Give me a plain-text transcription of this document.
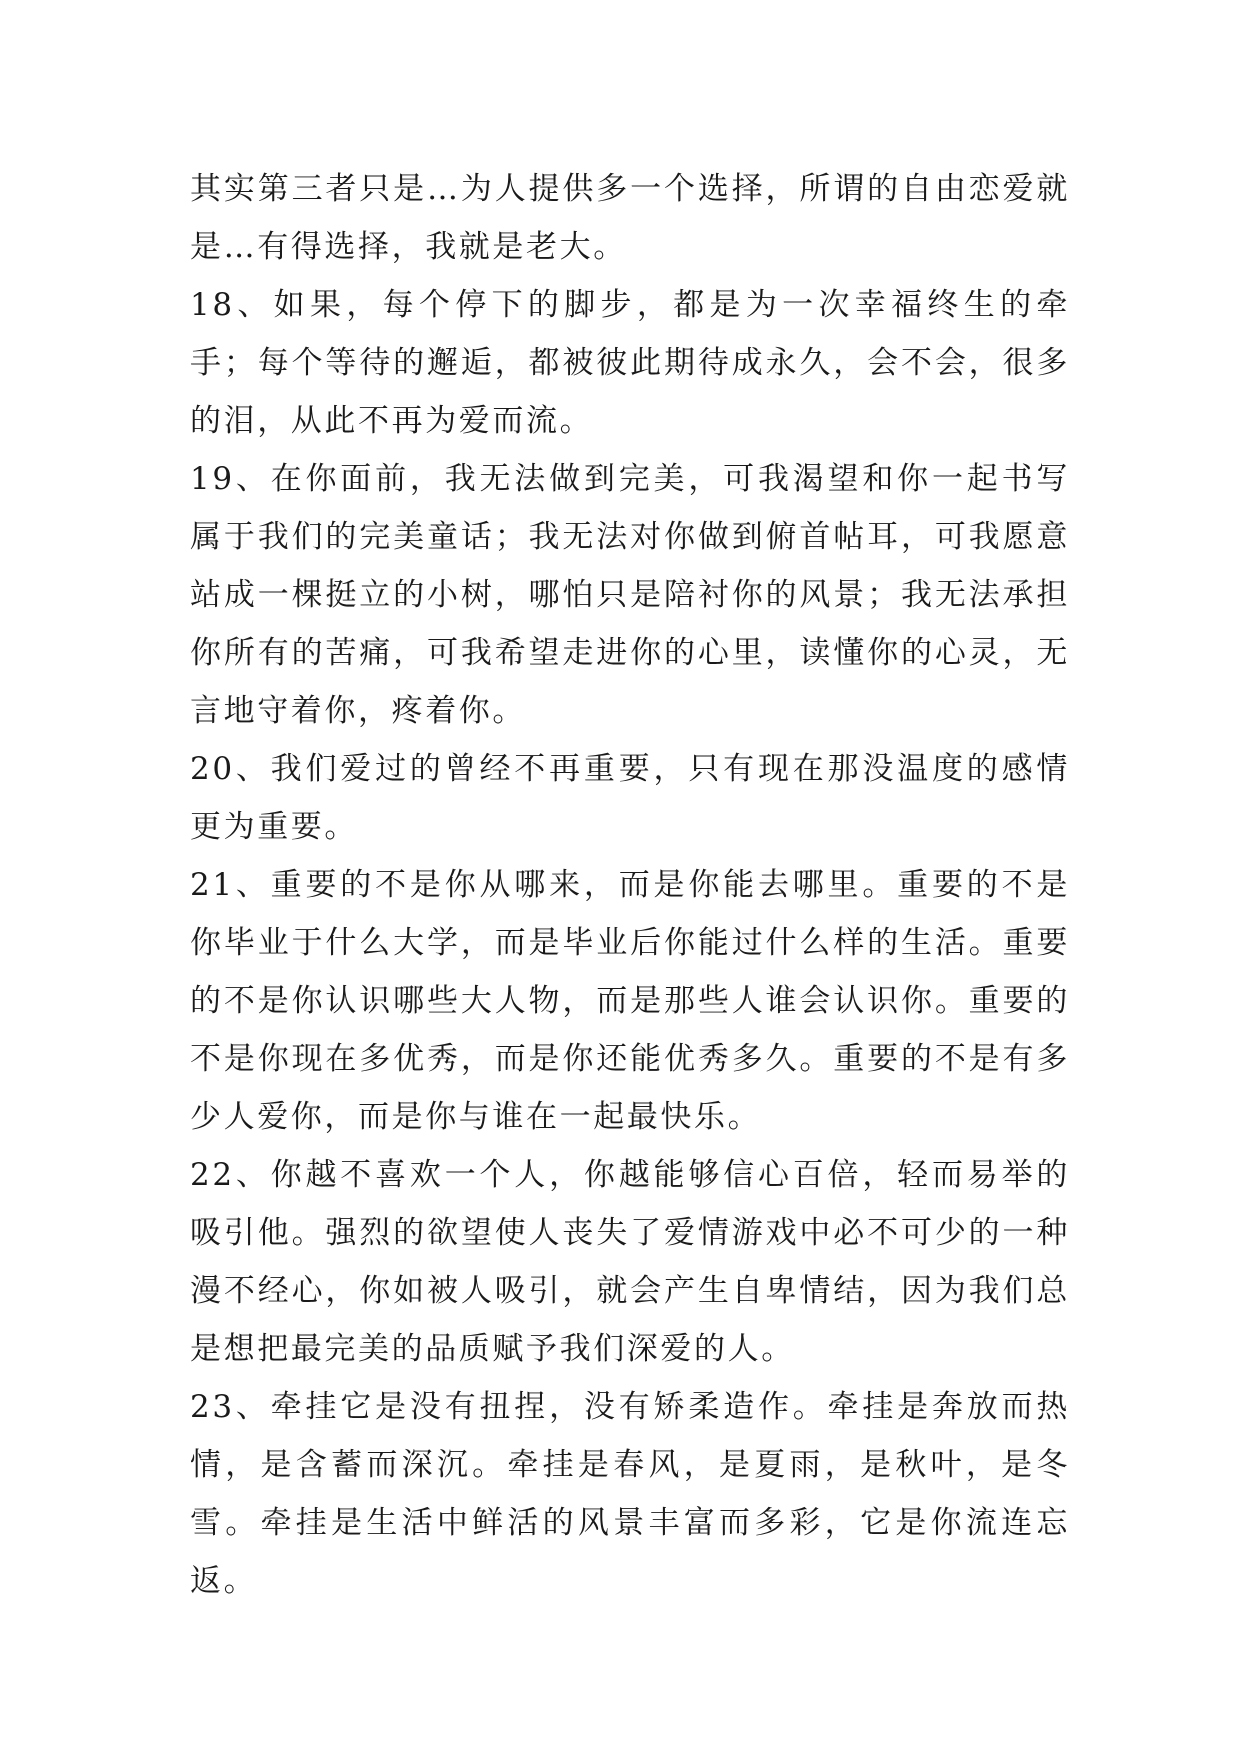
其实第三者只是…为人提供多一个选择，所谓的自由恋爱就是…有得选择，我就是老大。

18、如果，每个停下的脚步，都是为一次幸福终生的牵手；每个等待的邂逅，都被彼此期待成永久，会不会，很多的泪，从此不再为爱而流。

19、在你面前，我无法做到完美，可我渴望和你一起书写属于我们的完美童话；我无法对你做到俯首帖耳，可我愿意站成一棵挺立的小树，哪怕只是陪衬你的风景；我无法承担你所有的苦痛，可我希望走进你的心里，读懂你的心灵，无言地守着你，疼着你。

20、我们爱过的曾经不再重要，只有现在那没温度的感情更为重要。

21、重要的不是你从哪来，而是你能去哪里。重要的不是你毕业于什么大学，而是毕业后你能过什么样的生活。重要的不是你认识哪些大人物，而是那些人谁会认识你。重要的不是你现在多优秀，而是你还能优秀多久。重要的不是有多少人爱你，而是你与谁在一起最快乐。

22、你越不喜欢一个人，你越能够信心百倍，轻而易举的吸引他。强烈的欲望使人丧失了爱情游戏中必不可少的一种漫不经心，你如被人吸引，就会产生自卑情结，因为我们总是想把最完美的品质赋予我们深爱的人。

23、牵挂它是没有扭捏，没有矫柔造作。牵挂是奔放而热情，是含蓄而深沉。牵挂是春风，是夏雨，是秋叶，是冬雪。牵挂是生活中鲜活的风景丰富而多彩，它是你流连忘返。
